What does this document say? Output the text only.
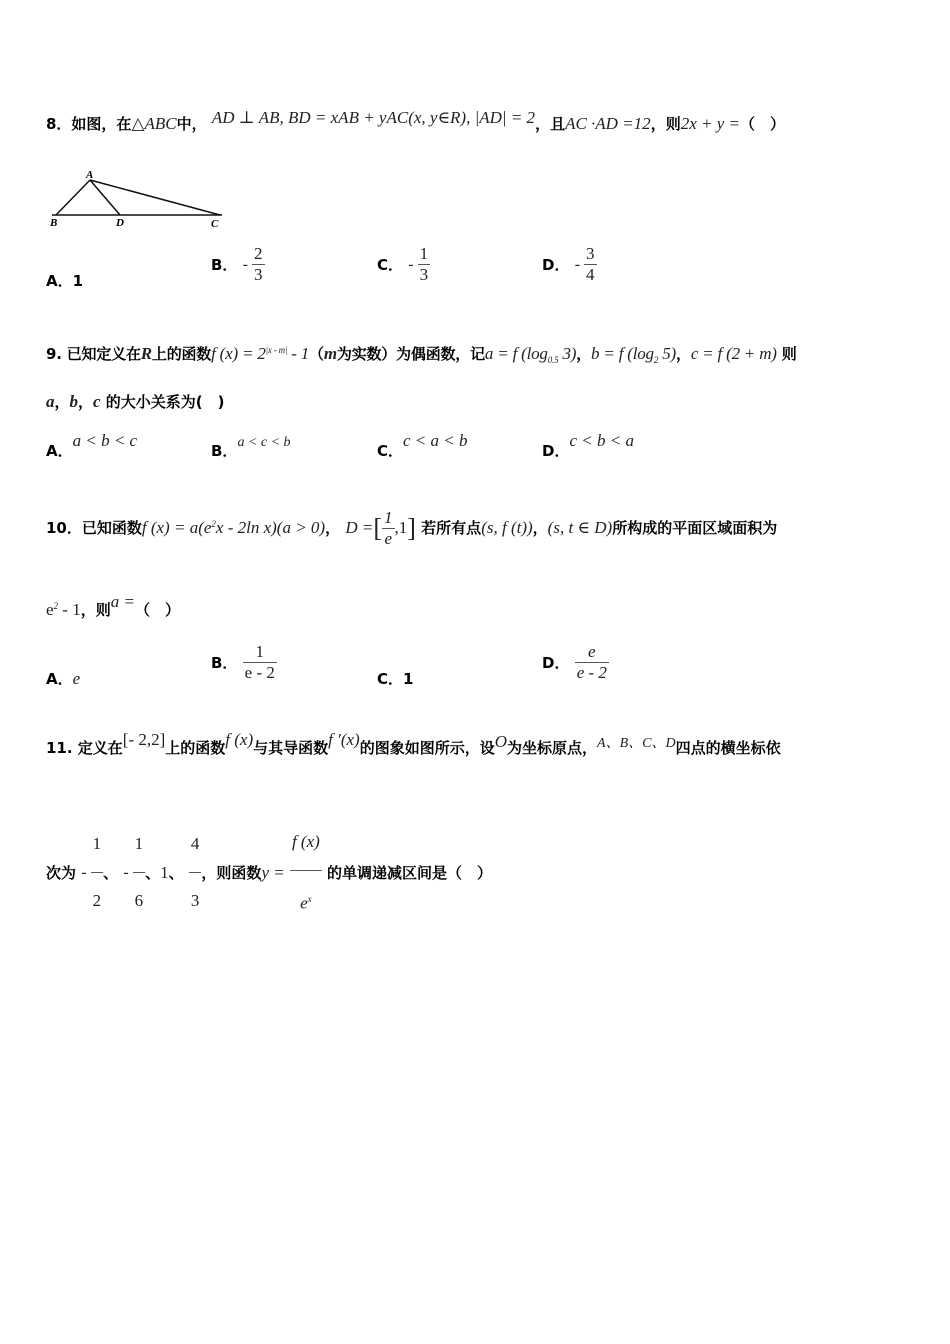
8．如图，在△ABC中， AD ⊥ AB, BD = xAB + yAC(x, y∈R), |AD| = 2，且AC ·AD =12，则2x + y =（　）
A
B	D	C
A．1
B． - $\frac{2}{3}$	C． - $\frac{1}{3}$	D． - $\frac{3}{4}$
9. 已知定义在R上的函数f $(x) = 2^{|x - m|} - 1(m$为实数）为偶函数，记a = f ($\log_{0.5}$ 3)，b = f ($\log_2$ 5)，c = f (2 + m) 则
a，b，c 的大小关系为(　)
A．a < b < c
B．a < c < b	C．c < a < b
D．c < b < a
10．已知函数f $(x) = a(e^2x - 2\ln$ x)(a > 0)， D =[ $\frac{1}{e} ,1$] 若所有点(s, f (t))，(s, t ∈ D)所构成的平面区域面积为
$e^2 - 1$，则a =（　）
A．e
B． $\frac{1}{e - 2}$	C．1
D． $\frac{e}{e - 2}$
11. 定义在[- 2,2]上的函数f (x)与其导函数f ′(x)的图象如图所示，设O为坐标原点，A、B、C、D四点的横坐标依
次为 - $\frac{1}{2}$ 、 - $\frac{1}{6}$ 、1、 $\frac{4}{3}$ ，则函数$y = \frac{f (x)}{e^x}$ 的单调递减区间是（　）
